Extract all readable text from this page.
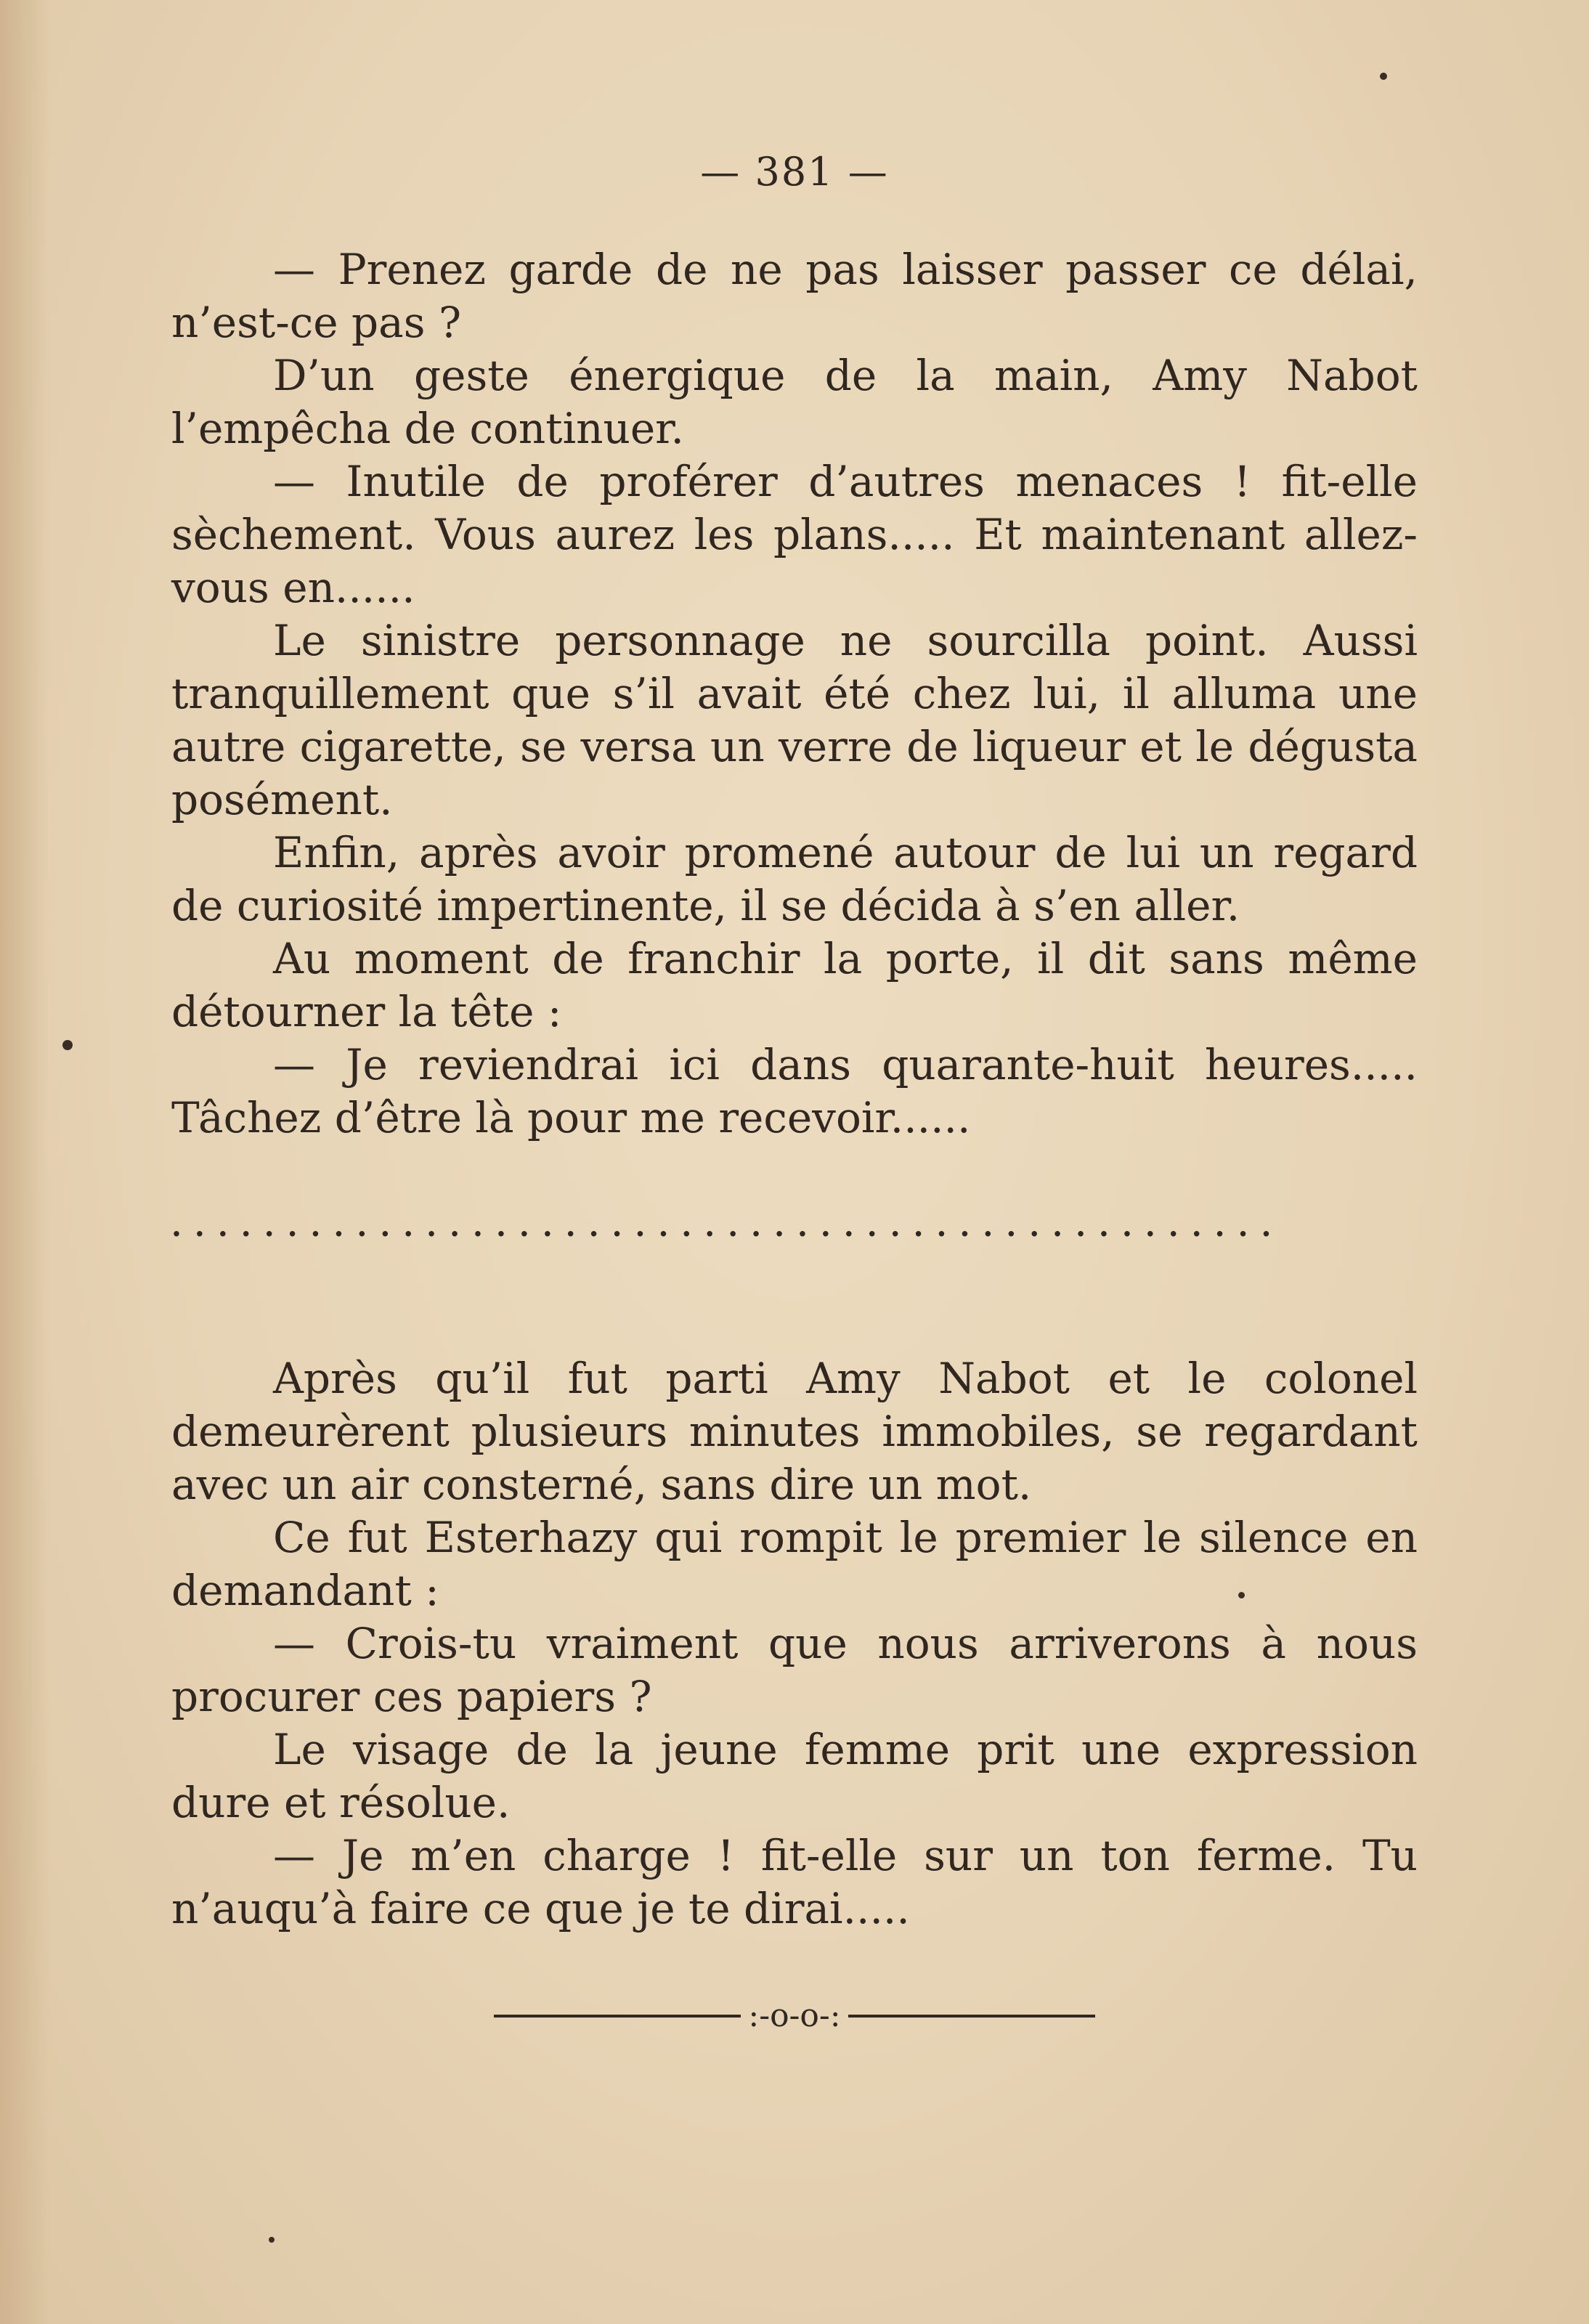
— 381 —

— Prenez garde de ne pas laisser passer ce délai, n’est-ce pas ?

D’un geste énergique de la main, Amy Nabot l’empêcha de continuer.

— Inutile de proférer d’autres menaces ! fit-elle sèchement. Vous aurez les plans..... Et maintenant allez-vous en......

Le sinistre personnage ne sourcilla point. Aussi tranquillement que s’il avait été chez lui, il alluma une autre cigarette, se versa un verre de liqueur et le dégusta posément.

Enfin, après avoir promené autour de lui un regard de curiosité impertinente, il se décida à s’en aller.

Au moment de franchir la porte, il dit sans même détourner la tête :

— Je reviendrai ici dans quarante-huit heures..... Tâchez d’être là pour me recevoir......

................................................

Après qu’il fut parti Amy Nabot et le colonel demeurèrent plusieurs minutes immobiles, se regardant avec un air consterné, sans dire un mot.

Ce fut Esterhazy qui rompit le premier le silence en demandant :

— Crois-tu vraiment que nous arriverons à nous procurer ces papiers ?

Le visage de la jeune femme prit une expression dure et résolue.

— Je m’en charge ! fit-elle sur un ton ferme. Tu n’auqu’à faire ce que je te dirai.....

:-o-o-:
